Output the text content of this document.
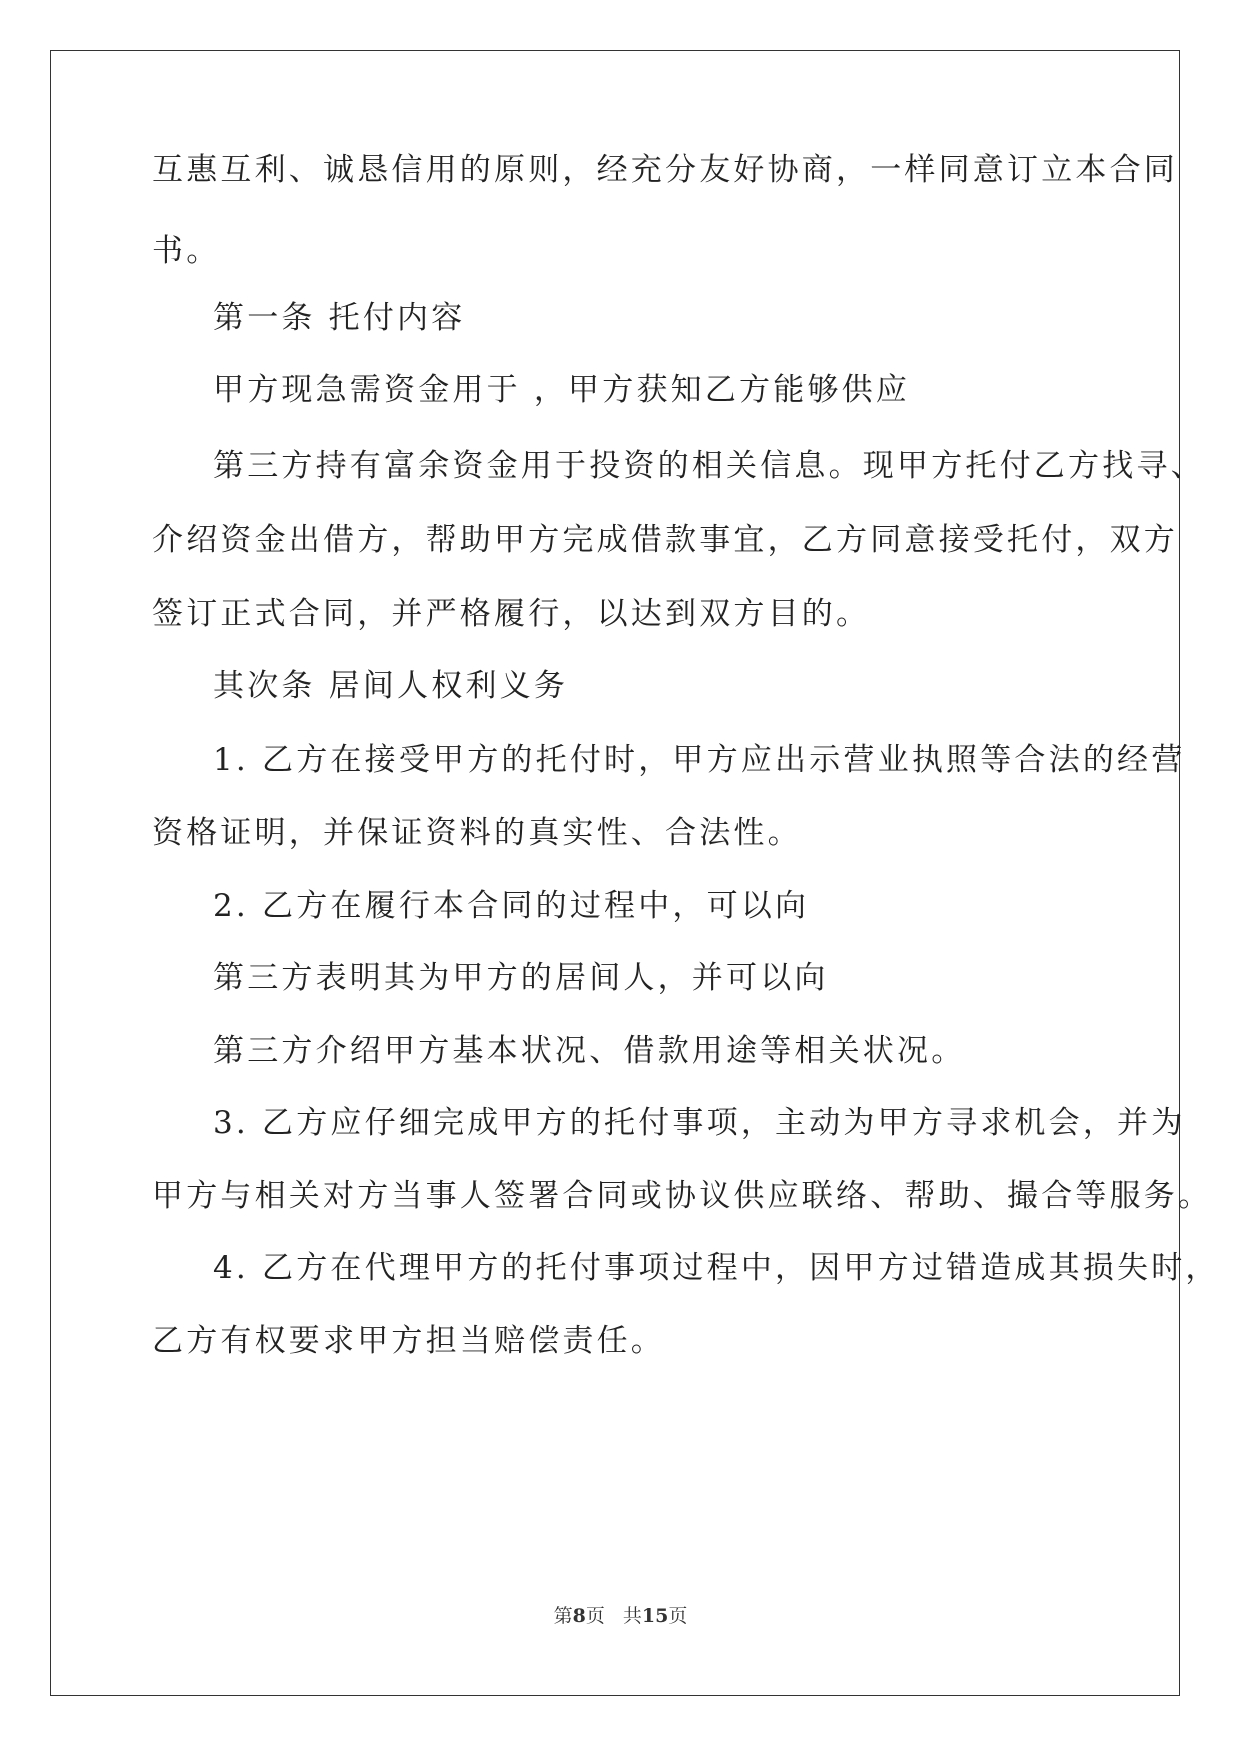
互惠互利、诚恳信用的原则，经充分友好协商，一样同意订立本合同
书。
第一条 托付内容
甲方现急需资金用于 ，甲方获知乙方能够供应
第三方持有富余资金用于投资的相关信息。现甲方托付乙方找寻、
介绍资金出借方，帮助甲方完成借款事宜，乙方同意接受托付，双方
签订正式合同，并严格履行，以达到双方目的。
其次条 居间人权利义务
1. 乙方在接受甲方的托付时，甲方应出示营业执照等合法的经营
资格证明，并保证资料的真实性、合法性。
2. 乙方在履行本合同的过程中，可以向
第三方表明其为甲方的居间人，并可以向
第三方介绍甲方基本状况、借款用途等相关状况。
3. 乙方应仔细完成甲方的托付事项，主动为甲方寻求机会，并为
甲方与相关对方当事人签署合同或协议供应联络、帮助、撮合等服务。
4. 乙方在代理甲方的托付事项过程中，因甲方过错造成其损失时，
乙方有权要求甲方担当赔偿责任。
第8页 共15页
